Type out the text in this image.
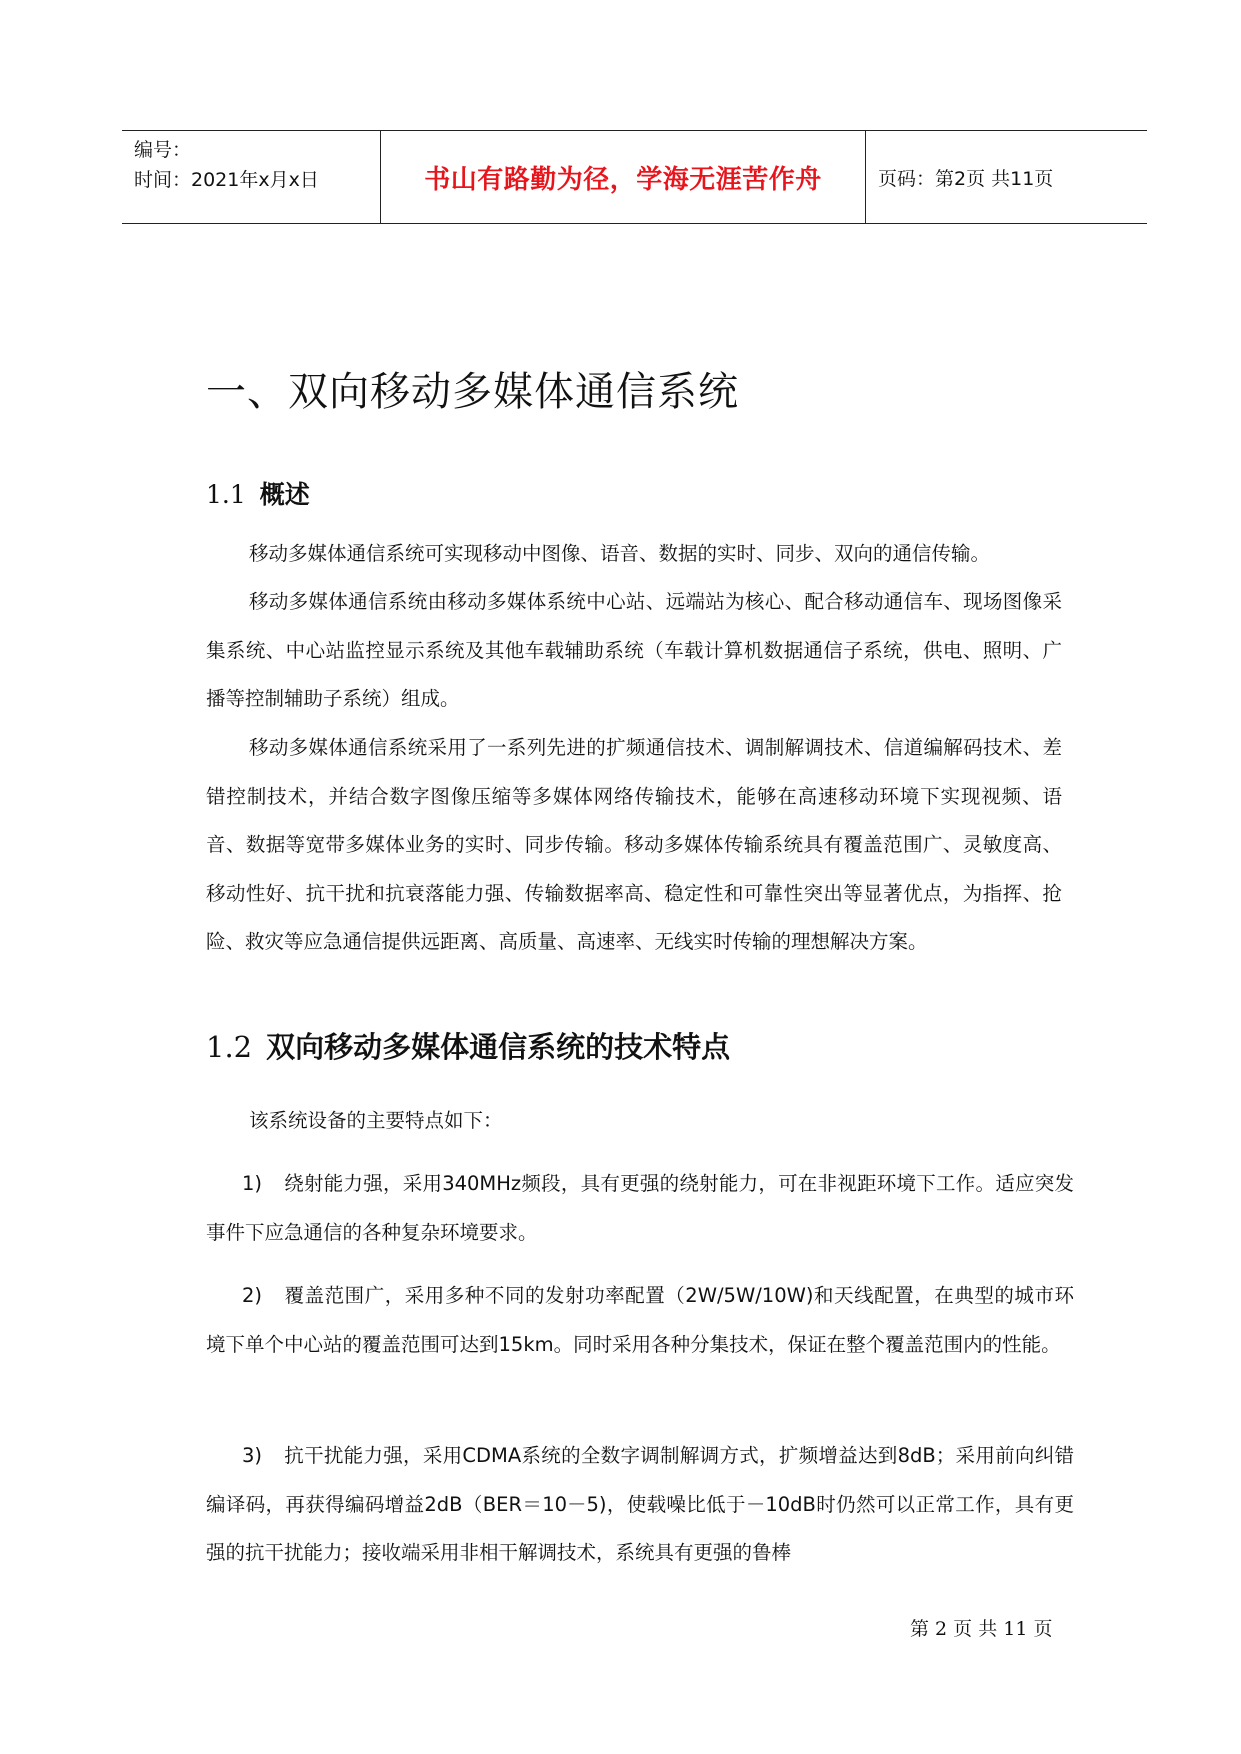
编号：
时间：2021年x月x日	书山有路勤为径，学海无涯苦作舟	页码：第2页 共11页
一、双向移动多媒体通信系统
1.1 概述

移动多媒体通信系统可实现移动中图像、语音、数据的实时、同步、双向的通信传输。

移动多媒体通信系统由移动多媒体系统中心站、远端站为核心、配合移动通信车、现场图像采集系统、中心站监控显示系统及其他车载辅助系统（车载计算机数据通信子系统，供电、照明、广播等控制辅助子系统）组成。

移动多媒体通信系统采用了一系列先进的扩频通信技术、调制解调技术、信道编解码技术、差错控制技术，并结合数字图像压缩等多媒体网络传输技术，能够在高速移动环境下实现视频、语音、数据等宽带多媒体业务的实时、同步传输。移动多媒体传输系统具有覆盖范围广、灵敏度高、移动性好、抗干扰和抗衰落能力强、传输数据率高、稳定性和可靠性突出等显著优点，为指挥、抢险、救灾等应急通信提供远距离、高质量、高速率、无线实时传输的理想解决方案。

1.2 双向移动多媒体通信系统的技术特点

该系统设备的主要特点如下：

1) 绕射能力强，采用340MHz频段，具有更强的绕射能力，可在非视距环境下工作。适应突发事件下应急通信的各种复杂环境要求。

2) 覆盖范围广，采用多种不同的发射功率配置（2W/5W/10W)和天线配置，在典型的城市环境下单个中心站的覆盖范围可达到15km。同时采用各种分集技术，保证在整个覆盖范围内的性能。

3) 抗干扰能力强，采用CDMA系统的全数字调制解调方式，扩频增益达到8dB；采用前向纠错编译码，再获得编码增益2dB（BER＝10－5)，使载噪比低于－10dB时仍然可以正常工作，具有更强的抗干扰能力；接收端采用非相干解调技术，系统具有更强的鲁棒

第 2 页 共 11 页
